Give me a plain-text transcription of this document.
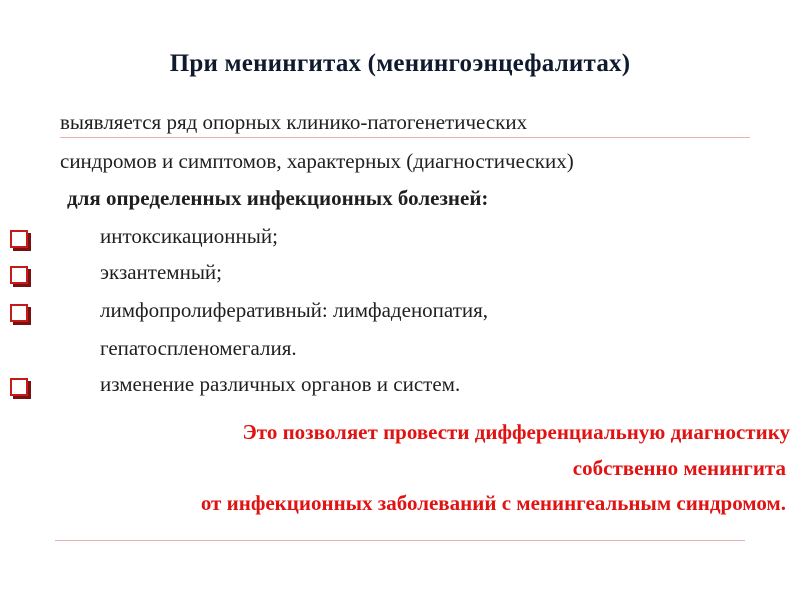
При менингитах (менингоэнцефалитах)
выявляется ряд опорных клинико-патогенетических
синдромов и симптомов, характерных (диагностических)
для определенных инфекционных болезней:
интоксикационный;
экзантемный;
лимфопролиферативный: лимфаденопатия,
гепатоспленомегалия.
изменение различных органов и систем.
Это позволяет провести дифференциальную диагностику
собственно менингита
от инфекционных заболеваний с менингеальным синдромом.
